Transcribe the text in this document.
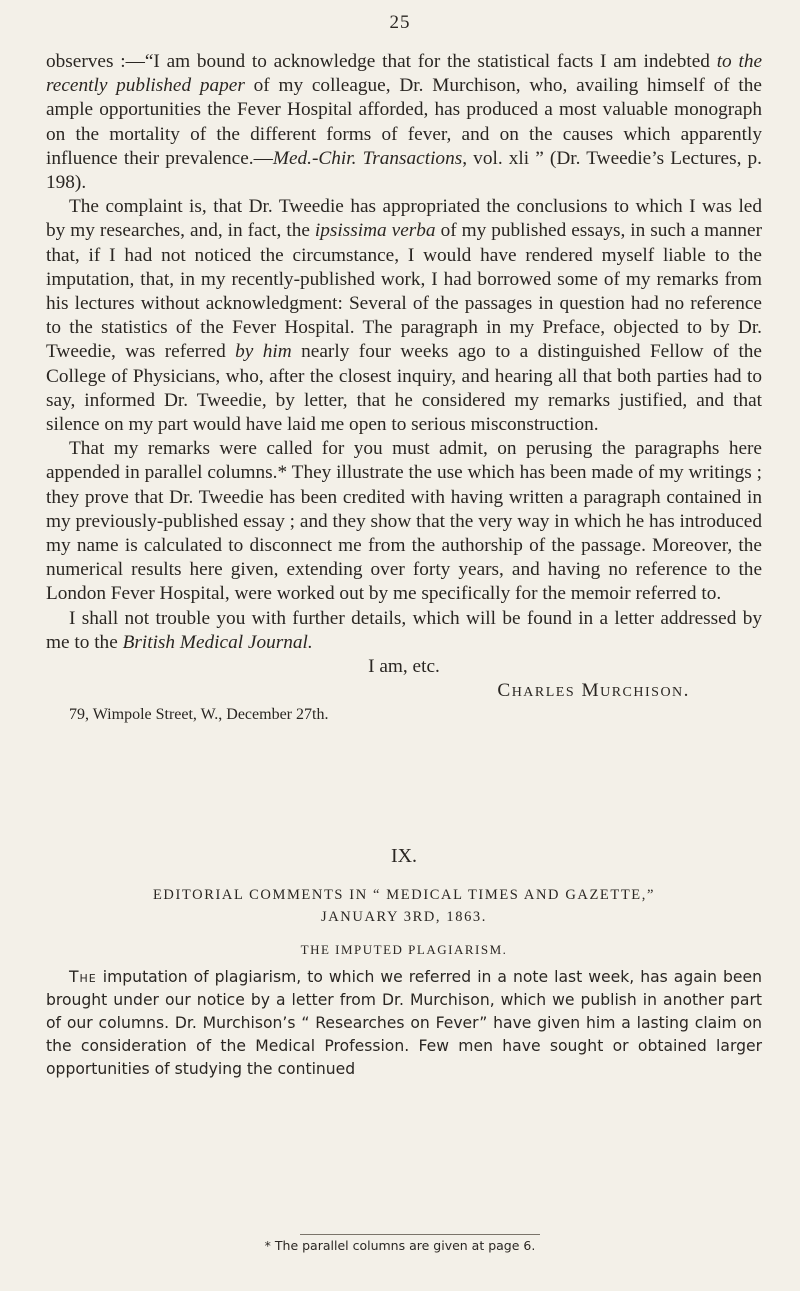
25

observes :—“I am bound to acknowledge that for the statistical facts I am indebted to the recently published paper of my colleague, Dr. Murchison, who, availing himself of the ample opportunities the Fever Hospital afforded, has produced a most valuable monograph on the mortality of the different forms of fever, and on the causes which apparently influence their prevalence.—Med.-Chir. Transactions, vol. xli ” (Dr. Tweedie’s Lectures, p. 198).

The complaint is, that Dr. Tweedie has appropriated the conclusions to which I was led by my researches, and, in fact, the ipsissima verba of my published essays, in such a manner that, if I had not noticed the circumstance, I would have rendered myself liable to the imputation, that, in my recently-published work, I had borrowed some of my remarks from his lectures without acknowledgment: Several of the passages in question had no reference to the statistics of the Fever Hospital. The paragraph in my Preface, objected to by Dr. Tweedie, was referred by him nearly four weeks ago to a distinguished Fellow of the College of Physicians, who, after the closest inquiry, and hearing all that both parties had to say, informed Dr. Tweedie, by letter, that he considered my remarks justified, and that silence on my part would have laid me open to serious misconstruction.

That my remarks were called for you must admit, on perusing the paragraphs here appended in parallel columns.* They illustrate the use which has been made of my writings ; they prove that Dr. Tweedie has been credited with having written a paragraph contained in my previously-published essay ; and they show that the very way in which he has introduced my name is calculated to disconnect me from the authorship of the passage. Moreover, the numerical results here given, extending over forty years, and having no reference to the London Fever Hospital, were worked out by me specifically for the memoir referred to.

I shall not trouble you with further details, which will be found in a letter addressed by me to the British Medical Journal.

I am, etc.

Charles Murchison.

79, Wimpole Street, W., December 27th.

IX.
EDITORIAL COMMENTS IN “ MEDICAL TIMES AND GAZETTE,”
JANUARY 3RD, 1863.
THE IMPUTED PLAGIARISM.

The imputation of plagiarism, to which we referred in a note last week, has again been brought under our notice by a letter from Dr. Murchison, which we publish in another part of our columns. Dr. Murchison’s “ Researches on Fever” have given him a lasting claim on the consideration of the Medical Profession. Few men have sought or obtained larger opportunities of studying the continued

* The parallel columns are given at page 6.
